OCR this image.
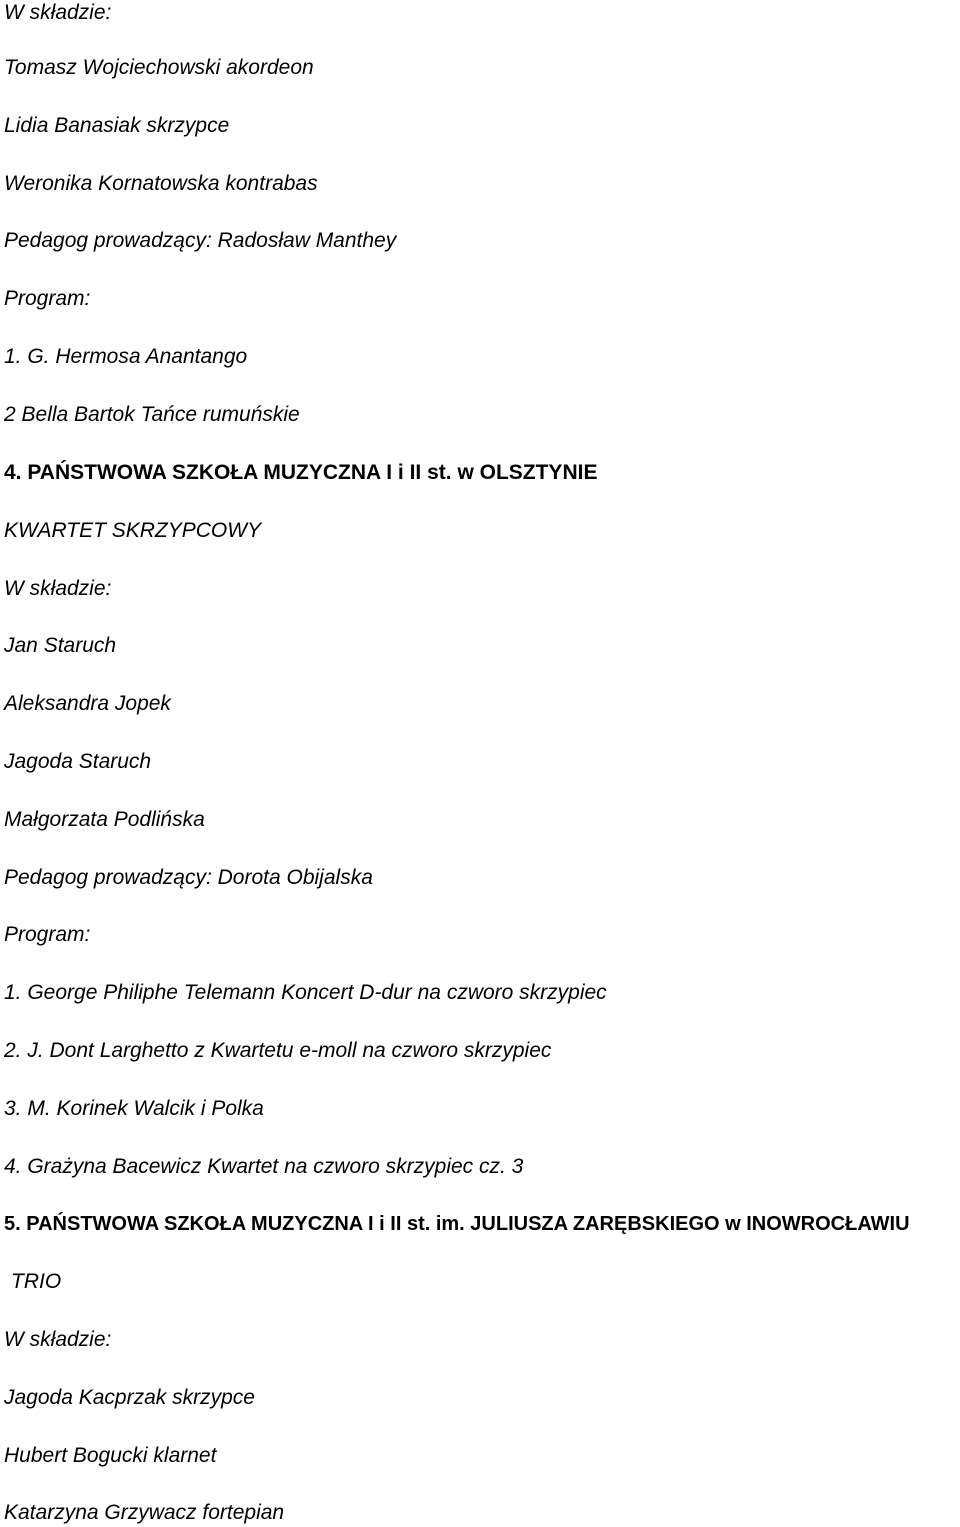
W składzie:
Tomasz Wojciechowski akordeon
Lidia Banasiak skrzypce
Weronika Kornatowska kontrabas
Pedagog prowadzący: Radosław Manthey
Program:
1. G. Hermosa Anantango
2 Bella Bartok Tańce rumuńskie
4. PAŃSTWOWA SZKOŁA MUZYCZNA I i II st. w OLSZTYNIE
KWARTET SKRZYPCOWY
W składzie:
Jan Staruch
Aleksandra Jopek
Jagoda Staruch
Małgorzata Podlińska
Pedagog prowadzący: Dorota Obijalska
Program:
1. George Philiphe Telemann Koncert D-dur na czworo skrzypiec
2. J. Dont Larghetto z Kwartetu e-moll na czworo skrzypiec
3. M. Korinek Walcik i Polka
4. Grażyna Bacewicz Kwartet na czworo skrzypiec cz. 3
5. PAŃSTWOWA SZKOŁA MUZYCZNA I i II st. im. JULIUSZA ZARĘBSKIEGO w INOWROCŁAWIU
TRIO
W składzie:
Jagoda Kacprzak skrzypce
Hubert Bogucki klarnet
Katarzyna Grzywacz fortepian
